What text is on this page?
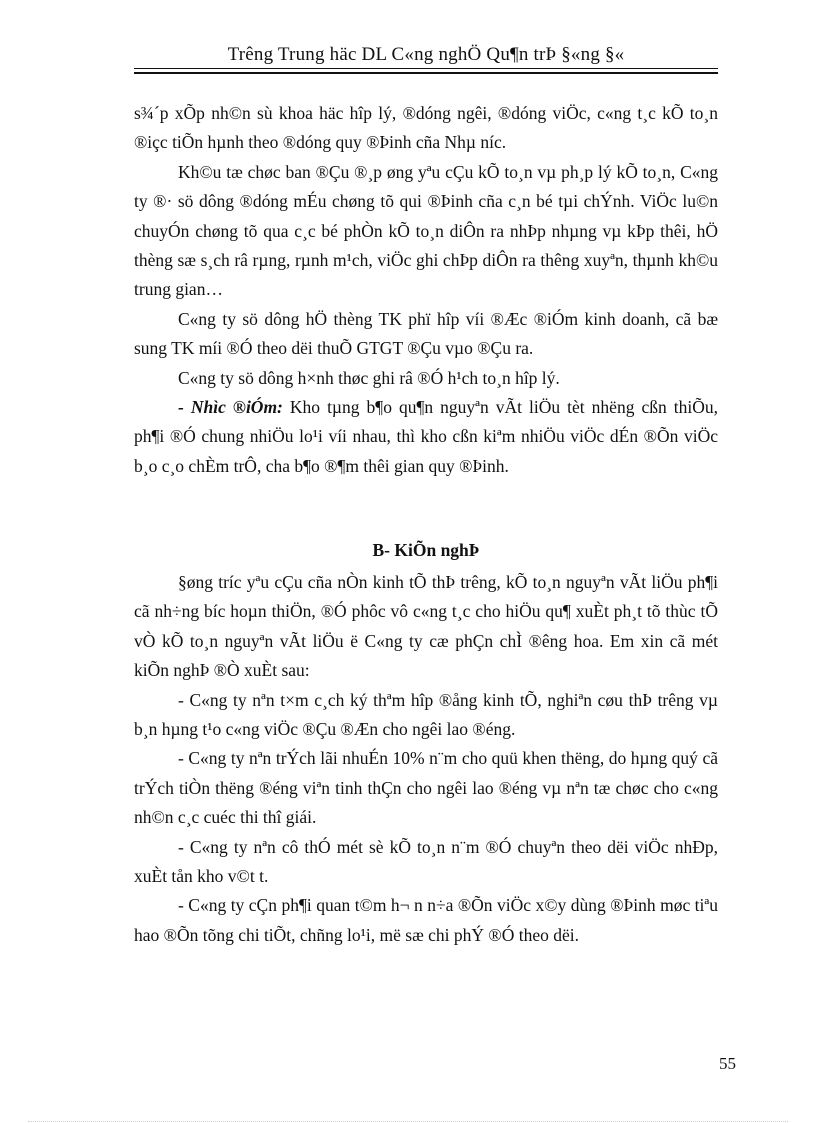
Trêng Trung häc DL C«ng nghÖ Qu¶n trÞ §«ng §«

s¾´p xÕp nh©n sù khoa häc hîp lý, ®dóng ngêi, ®dóng viÖc, c«ng t¸c kÕ to¸n ®içc tiÕn hµnh theo ®dóng quy ®Þinh cña Nhµ níc.

Kh©u tæ chøc ban ®Çu ®¸p øng yªu cÇu kÕ to¸n vµ ph¸p lý kÕ to¸n, C«ng ty ®· sö dông ®dóng mÉu chøng tõ qui ®Þinh cña c¸n bé tµi chÝnh. ViÖc lu©n chuyÓn chøng tõ qua c¸c bé phÒn kÕ to¸n diÔn ra nhÞp nhµng vµ kÞp thêi, hÖ thèng sæ s¸ch râ rµng, rµnh m¹ch, viÖc ghi chÞp diÔn ra thêng xuyªn, thµnh kh©u trung gian…

C«ng ty sö dông hÖ thèng TK phï hîp víi ®Æc ®iÓm kinh doanh, cã bæ sung TK míi ®Ó theo dëi thuÕ GTGT ®Çu vµo ®Çu ra.

C«ng ty sö dông h×nh thøc ghi râ ®Ó h¹ch to¸n hîp lý.

- Nhìc ®iÓm: Kho tµng b¶o qu¶n nguyªn vÃt liÖu tèt nhëng cßn thiÕu, ph¶i ®Ó chung nhiÖu lo¹i víi nhau, thì kho cßn kiªm nhiÖu viÖc dÉn ®Õn viÖc b¸o c¸o chÈm trÔ, cha b¶o ®¶m thêi gian quy ®Þinh.

B- KiÕn nghÞ

§øng tríc yªu cÇu cña nÒn kinh tÕ thÞ trêng, kÕ to¸n nguyªn vÃt liÖu ph¶i cã nh÷ng bíc hoµn thiÖn, ®Ó phôc vô c«ng t¸c cho hiÖu qu¶ xuÈt ph¸t tõ thùc tÕ vÒ kÕ to¸n nguyªn vÃt liÖu ë C«ng ty cæ phÇn chÌ ®êng hoa. Em xin cã mét kiÕn nghÞ ®Ò xuÈt sau:

- C«ng ty nªn t×m c¸ch ký thªm hîp ®ång kinh tÕ, nghiªn cøu thÞ trêng vµ b¸n hµng t¹o c«ng viÖc ®Çu ®Æn cho ngêi lao ®éng.

- C«ng ty nªn trÝch lãi nhuÉn 10% n¨m cho quü khen thëng, do hµng quý cã trÝch tiÒn thëng ®éng viªn tinh thÇn cho ngêi lao ®éng vµ nªn tæ chøc cho c«ng nh©n c¸c cuéc thi thî giái.

- C«ng ty nªn cô thÓ mét sè kÕ to¸n n¨m ®Ó chuyªn theo dëi viÖc nhÐp, xuÈt tån kho v©t t.

- C«ng ty cÇn ph¶i quan t©m h¬ n n÷a ®Õn viÖc x©y dùng ®Þinh møc tiªu hao ®Õn tõng chi tiÕt, chñng lo¹i, më sæ chi phÝ ®Ó theo dëi.

55
